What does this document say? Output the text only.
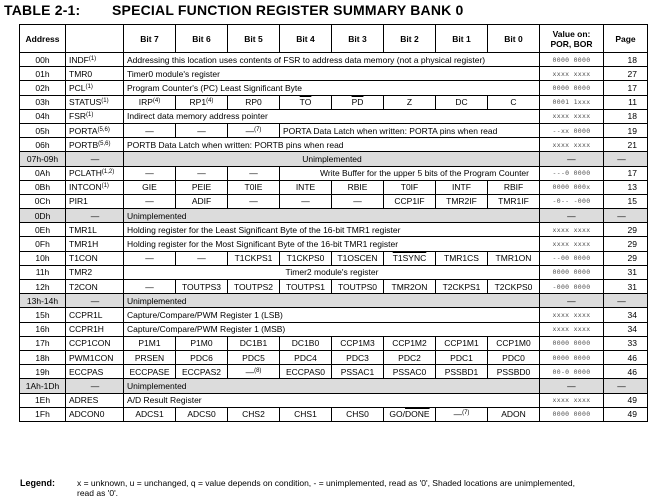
TABLE 2-1: SPECIAL FUNCTION REGISTER SUMMARY BANK 0
Address		Bit 7	Bit 6	Bit 5	Bit 4	Bit 3	Bit 2	Bit 1	Bit 0	Value on: POR, BOR	Page
00h	INDF$^{(1)}$	Addressing this location uses contents of FSR to address data memory (not a physical register)								0000 0000	18
01h	TMR0	Timer0 module's register								xxxx xxxx	27
02h	PCL$^{(1)}$	Program Counter's (PC) Least Significant Byte								0000 0000	17
03h	STATUS$^{(1)}$	IRP$^{(4)}$	RP1$^{(4)}$	RP0	$\overline{TO}$	$\overline{PD}$	Z	DC	C	0001 1xxx	11
04h	FSR$^{(1)}$	Indirect data memory address pointer								xxxx xxxx	18
05h	PORTA$^{(5,6)}$	—	—	—$^{(7)}$	PORTA Data Latch when written: PORTA pins when read					--xx 0000	19
06h	PORTB$^{(5,6)}$	PORTB Data Latch when written: PORTB pins when read								xxxx xxxx	21
07h-09h	—	Unimplemented								—	—
0Ah	PCLATH$^{(1,2)}$	—	—	—	Write Buffer for the upper 5 bits of the Program Counter					---0 0000	17
0Bh	INTCON$^{(1)}$	GIE	PEIE	T0IE	INTE	RBIE	T0IF	INTF	RBIF	0000 000x	13
0Ch	PIR1	—	ADIF	—	—	—	CCP1IF	TMR2IF	TMR1IF	-0-- -000	15
0Dh	—	Unimplemented								—	—
0Eh	TMR1L	Holding register for the Least Significant Byte of the 16-bit TMR1 register								xxxx xxxx	29
0Fh	TMR1H	Holding register for the Most Significant Byte of the 16-bit TMR1 register								xxxx xxxx	29
10h	T1CON	—	—	T1CKPS1	T1CKPS0	T1OSCEN	T1SYNC	TMR1CS	TMR1ON	--00 0000	29
11h	TMR2	Timer2 module's register								0000 0000	31
12h	T2CON	—	TOUTPS3	TOUTPS2	TOUTPS1	TOUTPS0	TMR2ON	T2CKPS1	T2CKPS0	-000 0000	31
13h-14h	—	Unimplemented								—	—
15h	CCPR1L	Capture/Compare/PWM Register 1 (LSB)								xxxx xxxx	34
16h	CCPR1H	Capture/Compare/PWM Register 1 (MSB)								xxxx xxxx	34
17h	CCP1CON	P1M1	P1M0	DC1B1	DC1B0	CCP1M3	CCP1M2	CCP1M1	CCP1M0	0000 0000	33
18h	PWM1CON	PRSEN	PDC6	PDC5	PDC4	PDC3	PDC2	PDC1	PDC0	0000 0000	46
19h	ECCPAS	ECCPASE	ECCPAS2	—$^{(8)}$	ECCPAS0	PSSAC1	PSSAC0	PSSBD1	PSSBD0	00-0 0000	46
1Ah-1Dh	—	Unimplemented								—	—
1Eh	ADRES	A/D Result Register								xxxx xxxx	49
1Fh	ADCON0	ADCS1	ADCS0	CHS2	CHS1	CHS0	GO/DONE	—$^{(7)}$	ADON	0000 0000	49
Legend:	x = unknown, u = unchanged, q = value depends on condition, - = unimplemented, read as '0', Shaded locations are unimplemented,
read as '0'.
